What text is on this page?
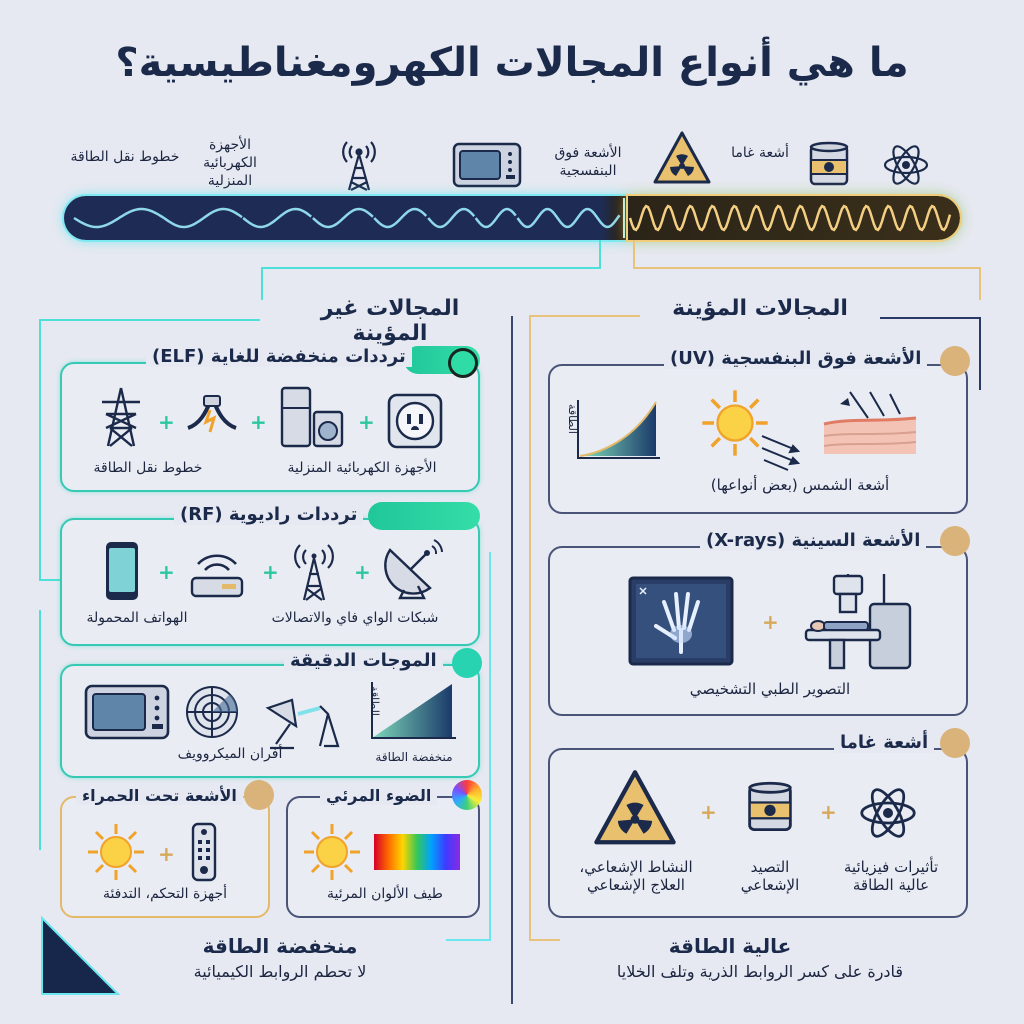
ما هي أنواع المجالات الكهرومغناطيسية؟
خطوط نقل الطاقة
الأجهزة الكهربائية المنزلية
الأشعة فوق البنفسجية
أشعة غاما
المجالات غير المؤينة
المجالات المؤينة
ترددات منخفضة للغاية (ELF)
+	+	+
خطوط نقل الطاقة	الأجهزة الكهربائية المنزلية
ترددات راديوية (RF)
+	+	+
الهواتف المحمولة	شبكات الواي فاي والاتصالات
الموجات الدقيقة
الطاقة
منخفضة الطاقة
أفران الميكروويف
الأشعة تحت الحمراء
+
أجهزة التحكم، التدفئة
الضوء المرئي
طيف الألوان المرئية
منخفضة الطاقة
لا تحطم الروابط الكيميائية
الأشعة فوق البنفسجية (UV)
الطاقة
أشعة الشمس (بعض أنواعها)
الأشعة السينية (X-rays)
+
التصوير الطبي التشخيصي
أشعة غاما
+	+
النشاط الإشعاعي، العلاج الإشعاعي
التصيد الإشعاعي
تأثيرات فيزيائية عالية الطاقة
عالية الطاقة
قادرة على كسر الروابط الذرية وتلف الخلايا
